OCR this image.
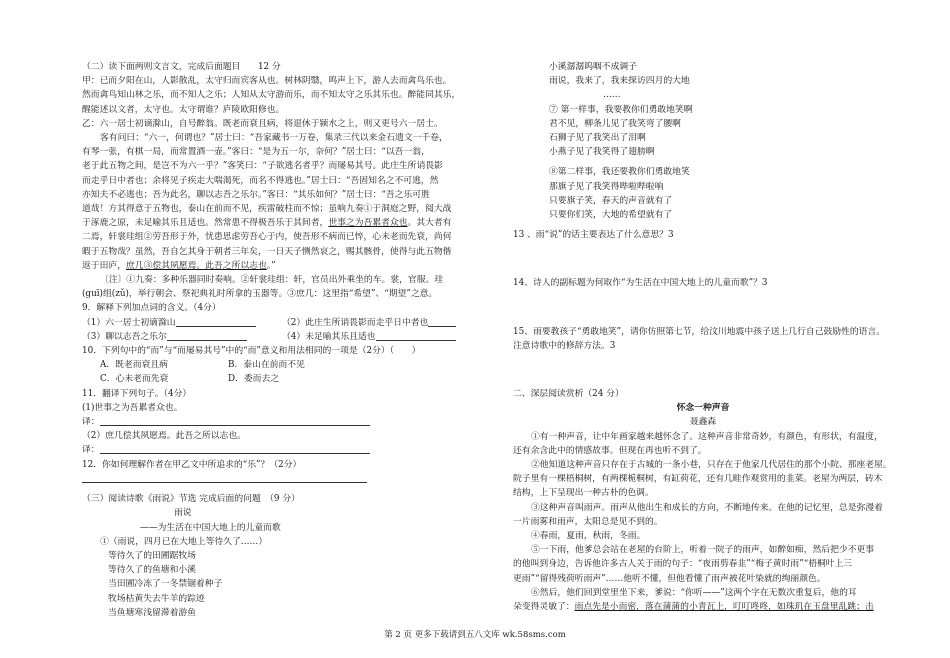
（二）读下面两则文言文，完成后面题目　　12 分

甲：已而夕阳在山，人影散乱，太守归而宾客从也。树林阴翳，鸣声上下，游人去而禽鸟乐也。

然而禽鸟知山林之乐，而不知人之乐；人知从太守游而乐，而不知太守之乐其乐也。醉能同其乐，

醒能述以文者，太守也。太守谓谁？庐陵欧阳修也。

乙：六一居士初谪滁山，自号醉翁。既老而衰且病，将退休于颍水之上，则又更号六一居士。

客有问曰：“六一，何谓也？”居士曰：“吾家藏书一万卷，集录三代以来金石遗文一千卷，

有琴一张，有棋一局，而常置酒一壶。”客曰：“是为五一尔，奈何？”居士曰：“以吾一翁，

老于此五物之间，是岂不为六一乎？”客笑曰：“子欲逃名者乎？而屡易其号。此庄生所诮畏影

而走乎日中者也；余将见子疾走大喘渴死，而名不得逃也。”居士曰：“吾固知名之不可逃，然

亦知夫不必逃也；吾为此名，聊以志吾之乐尔。”客曰：“其乐如何？”居士曰：“吾之乐可胜

道哉！方其得意于五物也，泰山在前而不见，疾雷破柱而不惊；虽响九奏①于洞庭之野，阅大战

于涿鹿之原，未足喻其乐且适也。然常患不得极吾乐于其间者，世事之为吾累者众也。其大者有

二焉，轩裳珪组②劳吾形于外，忧患思虑劳吾心于内，使吾形不病而已悴，心未老而先衰，尚何

暇于五物哉？虽然，吾自乞其身于朝者三年矣，一日天子恻然哀之，赐其骸骨，使得与此五物偕

返于田庐，庶几③偿其夙愿焉。此吾之所以志也。”

〔注〕①九奏：多种乐器同时奏响。②轩裳珪组：轩，官员出外乘坐的车。裳，官服。珪

(guī)组(zǔ)，举行朝会、祭祀典礼时所拿的玉器等。③庶几：这里指“希望”、“期望”之意。

9．解释下列加点词的含义。（4分）

（1）六一居士初谪滁山	（2）此庄生所诮畏影而走乎日中者也
（3）聊以志吾之乐尔	（4）未足喻其乐且适也

10．下列句中的“而”与“而屡易其号”中的“而”意义和用法相同的一项是（2分）（　　）

A．既老而衰且病	B．泰山在前而不见
C．心未老而先衰	D．委而去之

11．翻译下列句子。（4分）

(1)世事之为吾累者众也。

译：

（2）庶几偿其夙愿焉。此吾之所以志也。

译：

12．你如何理解作者在甲乙文中所追求的“乐”？（2分）

（三）阅读诗歌《雨说》节选 完成后面的问题　（9 分）

雨说

——为生活在中国大地上的儿童而歌

①（雨说，四月已在大地上等待久了……）

等待久了的田圃踞牧场

等待久了的鱼塘和小溪

当田圃冷冻了一冬禁锢着种子

牧场枯黄失去牛羊的踪迹

当鱼塘寒浅留滞着游鱼

小溪潺潺呜咽不成调子

雨说，我来了，我来探访四月的大地

……

⑦ 第一样事，我要教你们勇敢地笑啊

君不见，柳条儿见了我笑弯了腰啊

石狮子见了我笑出了泪啊

小燕子见了我笑得了翅膀啊

⑧第二样事，我还要教你们勇敢地笑

那旗子见了我笑得哔啦哔啦响

只要旗子笑，春天的声音就有了

只要你们笑，大地的希望就有了

13 、雨“说”的话主要表达了什么意思？3

14、诗人的副标题为何取作“为生活在中国大地上的儿童而歌”？3

15、雨要教孩子“勇敢地笑”，请你仿照第七节，给汶川地震中孩子送上几行自己鼓励性的语言。

注意诗歌中的修辞方法。3

二、深层阅读赏析（24 分）

怀念一种声音

聂鑫森

①有一种声音，让中年画家越来越怀念了。这种声音非常奇妙，有颜色，有形状，有温度，

还有余含此中的情感故事。但现在再也听不到了。

②他知道这种声音只存在于古城的一条小巷，只存在于他家几代居住的那个小院、那座老屋。

院子里有一棵梧桐树，有两棵栀桐树，有缸荷花，还有几畦作观赏用的韭菜。老屋为两层，砖木

结构，上下呈现出一种古朴的色调。

③这种声音叫雨声。雨声从他出生和成长的方向，不断地传来。在他的记忆里，总是弥漫着

一片雨雾和雨声，太阳总是见不到的。

④春雨，夏雨，秋雨，冬雨。

⑤一下雨，他爹总会站在老屋的台阶上，听着一院子的雨声，如醉如痴，然后把少不更事

的他叫到身边，告诉他许多古人关于雨的句子：“夜雨剪春韭”“梅子黄时雨”“梧桐叶上三

更雨”“留得残荷听雨声”……他听不懂，但他看懂了雨声被花叶染就的绚丽颜色。

⑥然后，他们回到堂里坐下来，爹说：“你听——”这两个字在无数次重复后，他的耳

朵变得灵敏了：雨点先是小而密，落在蒲蒲的小青瓦上，叮叮咚咚，如珠玑在玉盘里乱跳；击

第 2 页 更多下载请到五八文库 wk.58sms.com
